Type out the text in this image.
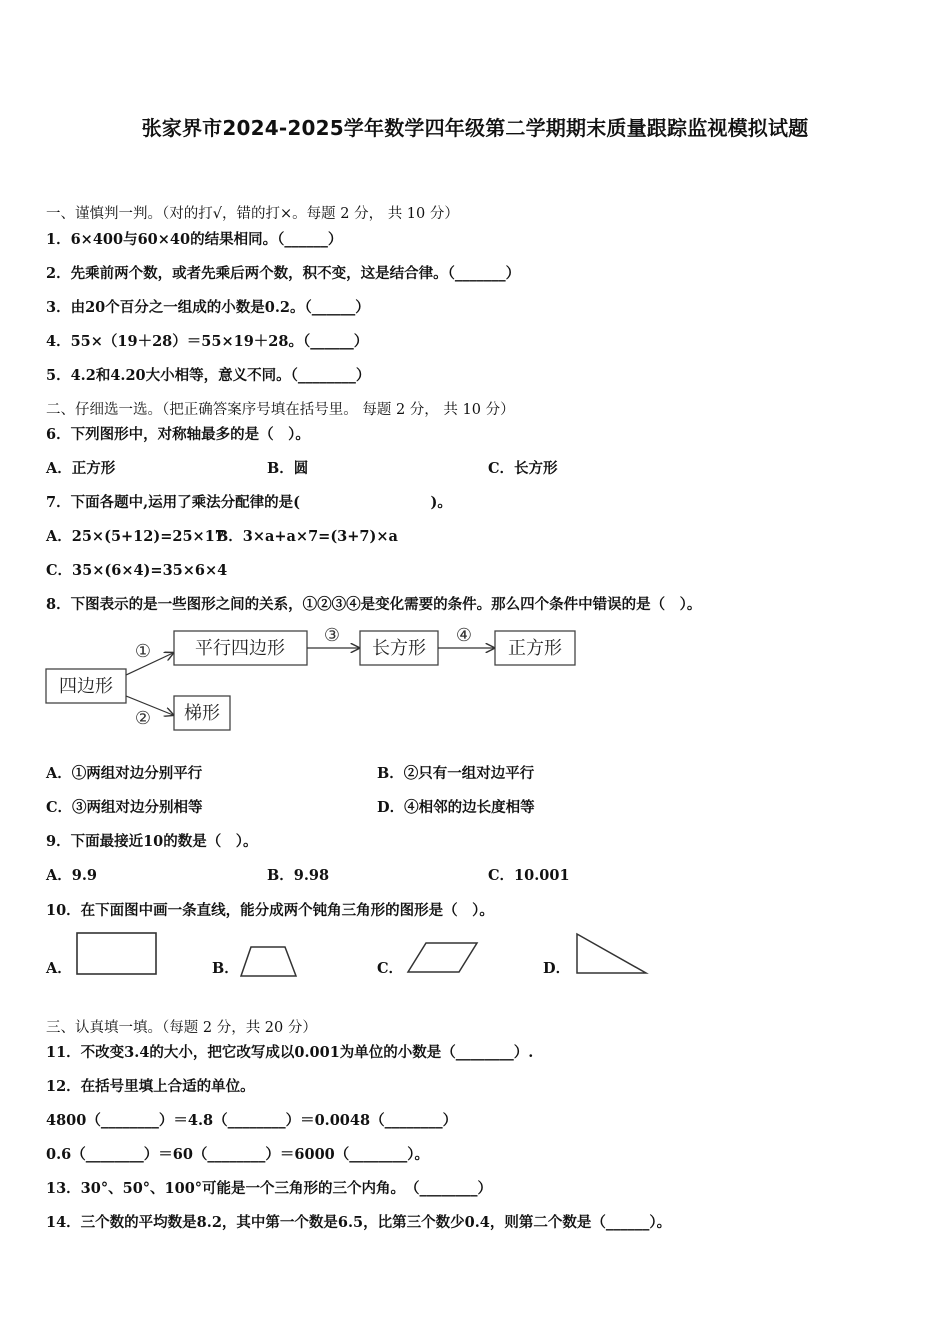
张家界市2024-2025学年数学四年级第二学期期末质量跟踪监视模拟试题
一、谨慎判一判。（对的打√，错的打×。每题 2 分， 共 10 分）
1．6×400与60×40的结果相同。（______）
2．先乘前两个数，或者先乘后两个数，积不变，这是结合律。（_______）
3．由20个百分之一组成的小数是0.2。（______）
4．55×（19＋28）＝55×19＋28。（______）
5．4.2和4.20大小相等，意义不同。（________）
二、仔细选一选。（把正确答案序号填在括号里。 每题 2 分， 共 10 分）
6．下列图形中，对称轴最多的是（　）。
A．正方形	B．圆	C．长方形
7．下面各题中,运用了乘法分配律的是(　　　　　　　　　)。
A．25×(5+12)=25×17
B．3×a+a×7=(3+7)×a
C．35×(6×4)=35×6×4
8．下图表示的是一些图形之间的关系，①②③④是变化需要的条件。那么四个条件中错误的是（　）。
四边形
平行四边形	长方形	正方形
梯形
①
②
③	④
A．①两组对边分别平行	B．②只有一组对边平行
C．③两组对边分别相等	D．④相邻的边长度相等
9．下面最接近10的数是（　）。
A．9.9	B．9.98	C．10.001
10．在下面图中画一条直线，能分成两个钝角三角形的图形是（　）。
A．	B．	C．	D．
三、认真填一填。（每题 2 分，共 20 分）
11．不改变3.4的大小，把它改写成以0.001为单位的小数是（________）.
12．在括号里填上合适的单位。
4800（________）＝4.8（________）＝0.0048（________）
0.6（________）＝60（________）＝6000（________）。
13．30°、50°、100°可能是一个三角形的三个内角。　（________）
14．三个数的平均数是8.2，其中第一个数是6.5，比第三个数少0.4，则第二个数是（______）。
